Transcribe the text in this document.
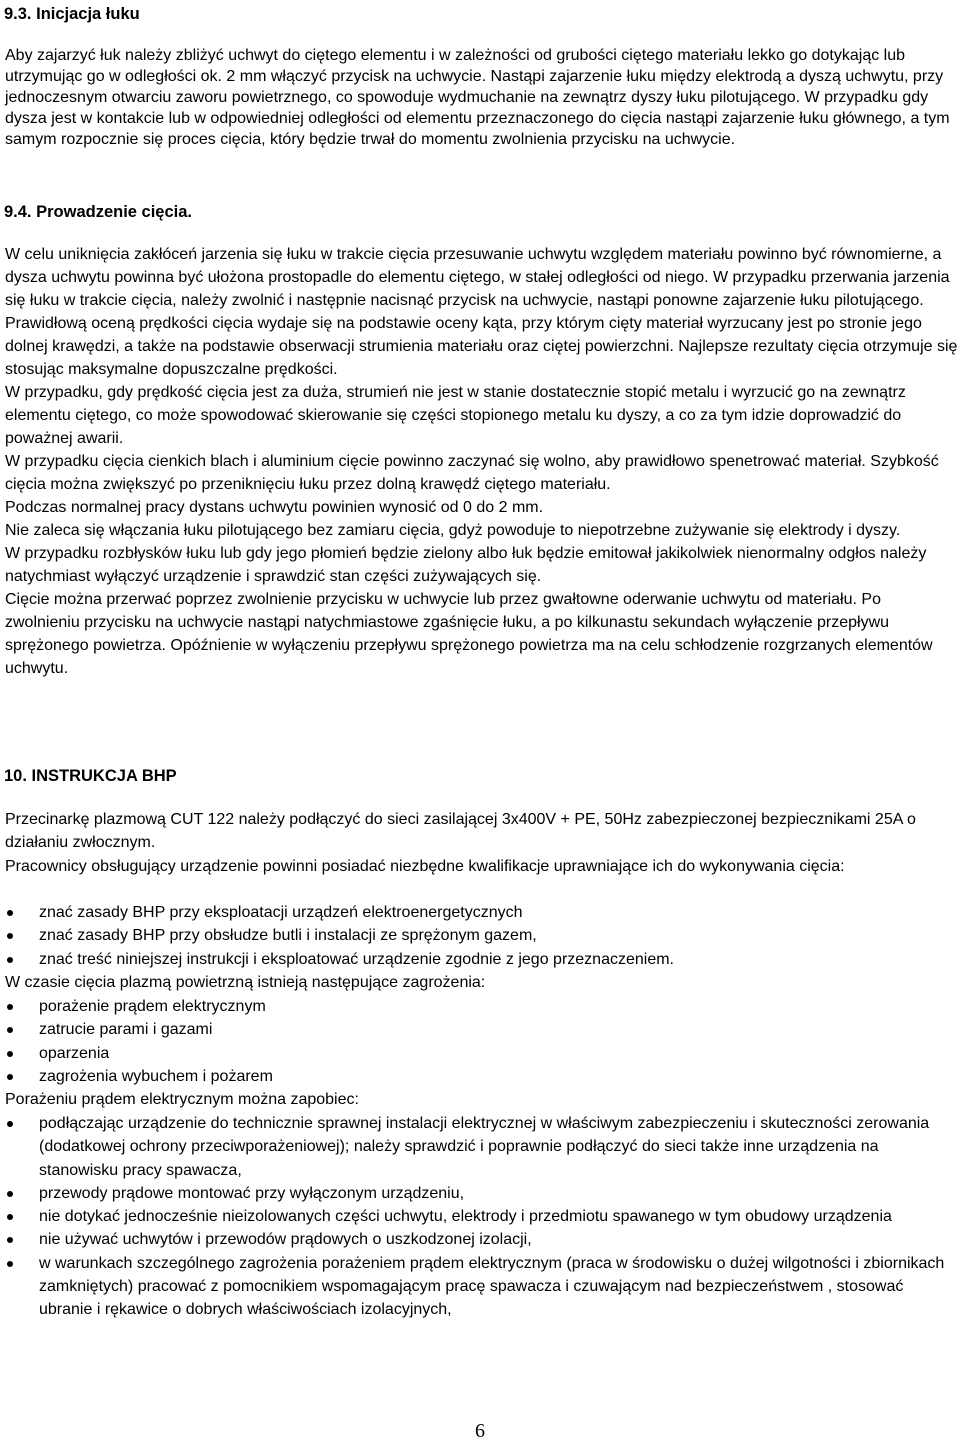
9.3. Inicjacja łuku

Aby zajarzyć łuk należy zbliżyć uchwyt do ciętego elementu i w zależności od grubości ciętego materiału lekko go dotykając lub utrzymując go w odległości ok. 2 mm włączyć przycisk na uchwycie. Nastąpi zajarzenie łuku między elektrodą a dyszą uchwytu, przy jednoczesnym otwarciu zaworu powietrznego, co spowoduje wydmuchanie na zewnątrz dyszy łuku pilotującego. W przypadku gdy dysza jest w kontakcie lub w odpowiedniej odległości od elementu przeznaczonego do cięcia nastąpi zajarzenie łuku głównego, a tym samym rozpocznie się proces cięcia, który będzie trwał do momentu zwolnienia przycisku na uchwycie.

9.4. Prowadzenie cięcia.

W celu uniknięcia zakłóceń jarzenia się łuku w trakcie cięcia przesuwanie uchwytu względem materiału powinno być równomierne, a dysza uchwytu powinna być ułożona prostopadle do elementu ciętego, w stałej odległości od niego. W przypadku przerwania jarzenia się łuku w trakcie cięcia, należy zwolnić i następnie nacisnąć przycisk na uchwycie, nastąpi ponowne zajarzenie łuku pilotującego.

Prawidłową oceną prędkości cięcia wydaje się na podstawie oceny kąta, przy którym cięty materiał wyrzucany jest po stronie jego dolnej krawędzi, a także na podstawie obserwacji strumienia materiału oraz ciętej powierzchni. Najlepsze rezultaty cięcia otrzymuje się stosując maksymalne dopuszczalne prędkości.

W przypadku, gdy prędkość cięcia jest za duża, strumień nie jest w stanie dostatecznie stopić metalu i wyrzucić go na zewnątrz elementu ciętego, co może spowodować skierowanie się części stopionego metalu ku dyszy, a co za tym idzie doprowadzić do poważnej awarii.

W przypadku cięcia cienkich blach i aluminium cięcie powinno zaczynać się wolno, aby prawidłowo spenetrować materiał. Szybkość cięcia można zwiększyć po przeniknięciu łuku przez dolną krawędź ciętego materiału.

Podczas normalnej pracy dystans uchwytu powinien wynosić od 0 do 2 mm.

Nie zaleca się włączania łuku pilotującego bez zamiaru cięcia, gdyż powoduje to niepotrzebne zużywanie się elektrody i dyszy.

W przypadku rozbłysków łuku lub gdy jego płomień będzie zielony albo łuk będzie emitował jakikolwiek nienormalny odgłos należy natychmiast wyłączyć urządzenie i sprawdzić stan części zużywających się.

Cięcie można przerwać poprzez zwolnienie przycisku w uchwycie lub przez gwałtowne oderwanie uchwytu od materiału. Po zwolnieniu przycisku na uchwycie nastąpi natychmiastowe zgaśnięcie łuku, a po kilkunastu sekundach wyłączenie przepływu sprężonego powietrza. Opóźnienie w wyłączeniu przepływu sprężonego powietrza ma na celu schłodzenie rozgrzanych elementów uchwytu.

10. INSTRUKCJA BHP

Przecinarkę plazmową CUT 122 należy podłączyć do sieci zasilającej 3x400V + PE, 50Hz zabezpieczonej bezpiecznikami 25A o działaniu zwłocznym.

Pracownicy obsługujący urządzenie powinni posiadać niezbędne kwalifikacje uprawniające ich do wykonywania cięcia:

znać zasady BHP przy eksploatacji urządzeń elektroenergetycznych
znać zasady BHP przy obsłudze butli i instalacji ze sprężonym gazem,
znać treść niniejszej instrukcji i eksploatować urządzenie zgodnie z jego przeznaczeniem.
W czasie cięcia plazmą powietrzną istnieją następujące zagrożenia:
porażenie prądem elektrycznym
zatrucie parami i gazami
oparzenia
zagrożenia wybuchem i pożarem
Porażeniu prądem elektrycznym można zapobiec:
podłączając urządzenie do technicznie sprawnej instalacji elektrycznej w właściwym zabezpieczeniu i skuteczności zerowania (dodatkowej ochrony przeciwporażeniowej); należy sprawdzić i poprawnie podłączyć do sieci także inne urządzenia na stanowisku pracy spawacza,
przewody prądowe montować przy wyłączonym urządzeniu,
nie dotykać jednocześnie nieizolowanych części uchwytu, elektrody i przedmiotu spawanego w tym obudowy urządzenia
nie używać uchwytów i przewodów prądowych o uszkodzonej izolacji,
w warunkach szczególnego zagrożenia porażeniem prądem elektrycznym (praca w środowisku o dużej wilgotności i zbiornikach zamkniętych) pracować z pomocnikiem wspomagającym pracę spawacza i czuwającym nad bezpieczeństwem , stosować ubranie i rękawice o dobrych właściwościach izolacyjnych,
6
